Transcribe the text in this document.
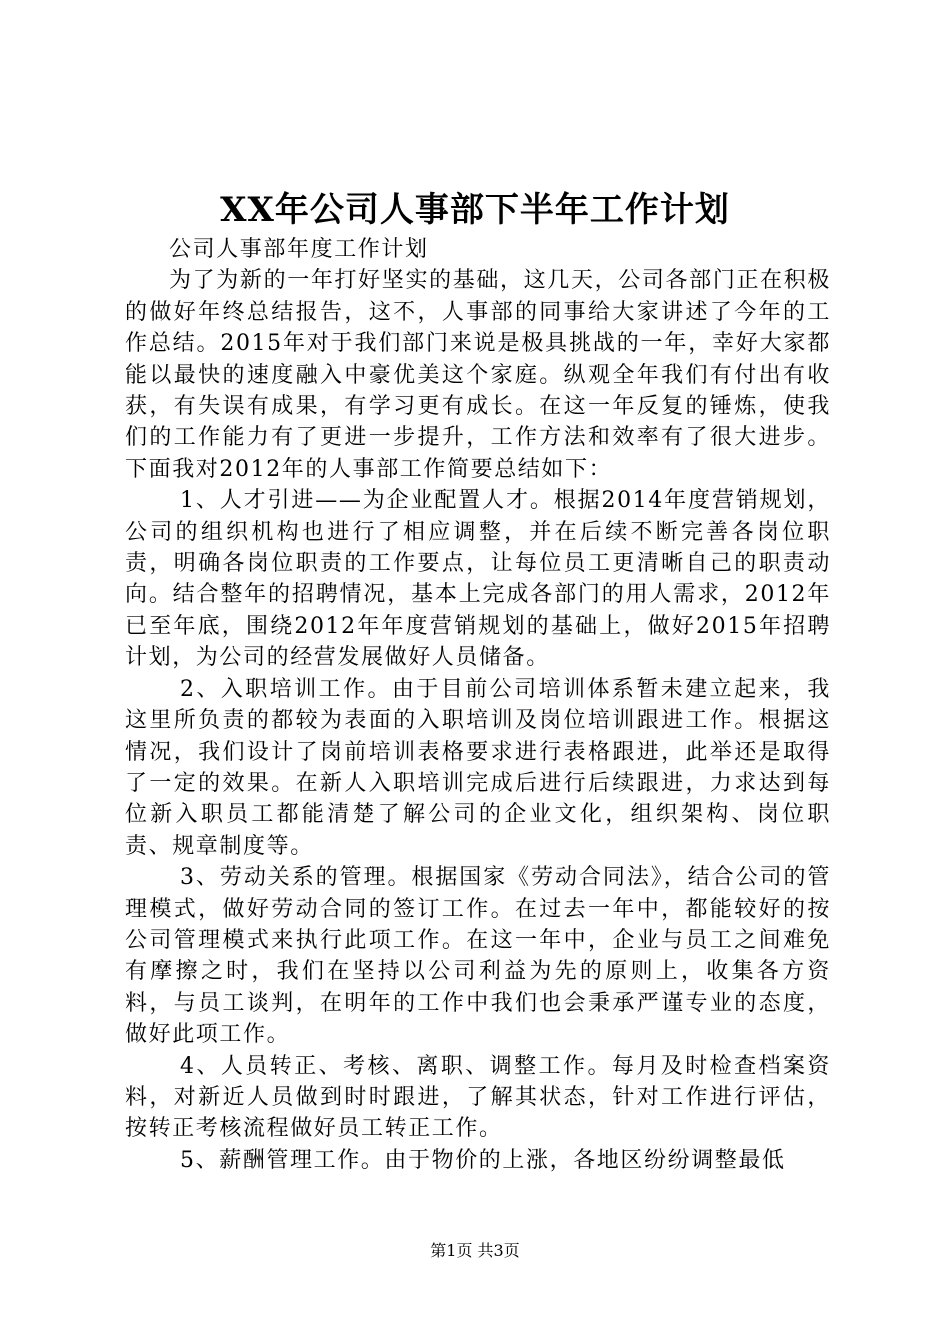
XX年公司人事部下半年工作计划

公司人事部年度工作计划

为了为新的一年打好坚实的基础，这几天，公司各部门正在积极的做好年终总结报告，这不，人事部的同事给大家讲述了今年的工作总结。2015年对于我们部门来说是极具挑战的一年，幸好大家都能以最快的速度融入中豪优美这个家庭。纵观全年我们有付出有收获，有失误有成果，有学习更有成长。在这一年反复的锤炼，使我们的工作能力有了更进一步提升，工作方法和效率有了很大进步。下面我对2012年的人事部工作简要总结如下：

1、人才引进——为企业配置人才。根据2014年度营销规划，公司的组织机构也进行了相应调整，并在后续不断完善各岗位职责，明确各岗位职责的工作要点，让每位员工更清晰自己的职责动向。结合整年的招聘情况，基本上完成各部门的用人需求，2012年已至年底，围绕2012年年度营销规划的基础上，做好2015年招聘计划，为公司的经营发展做好人员储备。

2、入职培训工作。由于目前公司培训体系暂未建立起来，我这里所负责的都较为表面的入职培训及岗位培训跟进工作。根据这情况，我们设计了岗前培训表格要求进行表格跟进，此举还是取得了一定的效果。在新人入职培训完成后进行后续跟进，力求达到每位新入职员工都能清楚了解公司的企业文化，组织架构、岗位职责、规章制度等。

3、劳动关系的管理。根据国家《劳动合同法》，结合公司的管理模式，做好劳动合同的签订工作。在过去一年中，都能较好的按公司管理模式来执行此项工作。在这一年中，企业与员工之间难免有摩擦之时，我们在坚持以公司利益为先的原则上，收集各方资料，与员工谈判，在明年的工作中我们也会秉承严谨专业的态度，做好此项工作。

4、人员转正、考核、离职、调整工作。每月及时检查档案资料，对新近人员做到时时跟进，了解其状态，针对工作进行评估，按转正考核流程做好员工转正工作。

5、薪酬管理工作。由于物价的上涨，各地区纷纷调整最低

第1页 共3页
